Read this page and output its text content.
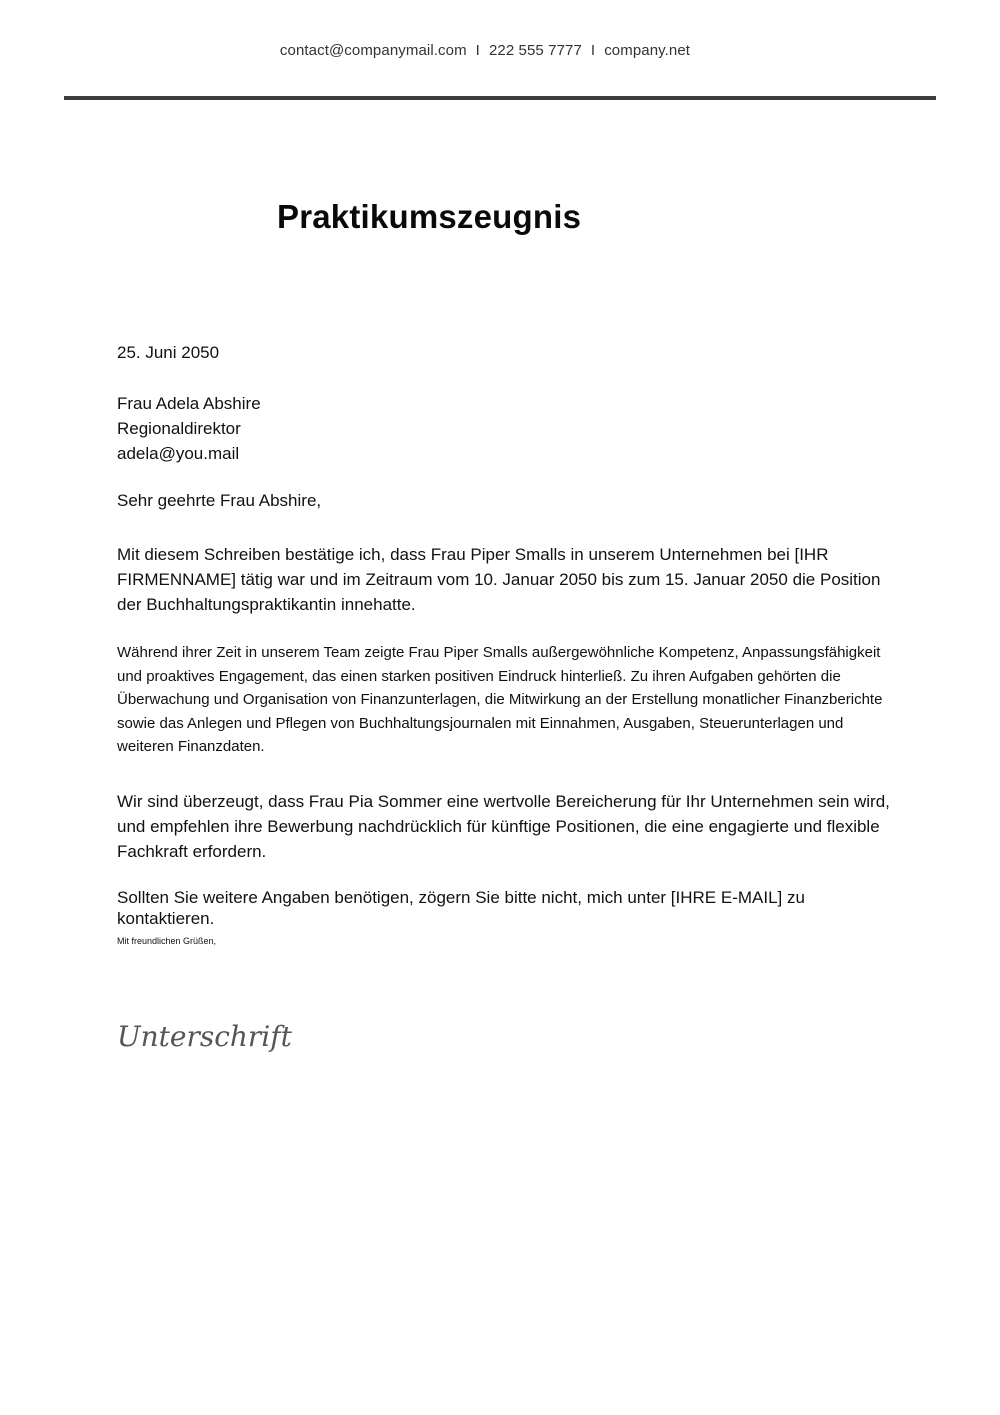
contact@companymail.com I 222 555 7777 I company.net
Praktikumszeugnis
25. Juni 2050
Frau Adela Abshire
Regionaldirektor
adela@you.mail
Sehr geehrte Frau Abshire,

Mit diesem Schreiben bestätige ich, dass Frau Piper Smalls in unserem Unternehmen bei [IHR FIRMENNAME] tätig war und im Zeitraum vom 10. Januar 2050 bis zum 15. Januar 2050 die Position der Buchhaltungspraktikantin innehatte.

Während ihrer Zeit in unserem Team zeigte Frau Piper Smalls außergewöhnliche Kompetenz, Anpassungsfähigkeit und proaktives Engagement, das einen starken positiven Eindruck hinterließ. Zu ihren Aufgaben gehörten die Überwachung und Organisation von Finanzunterlagen, die Mitwirkung an der Erstellung monatlicher Finanzberichte sowie das Anlegen und Pflegen von Buchhaltungsjournalen mit Einnahmen, Ausgaben, Steuerunterlagen und weiteren Finanzdaten.

Wir sind überzeugt, dass Frau Pia Sommer eine wertvolle Bereicherung für Ihr Unternehmen sein wird, und empfehlen ihre Bewerbung nachdrücklich für künftige Positionen, die eine engagierte und flexible Fachkraft erfordern.

Sollten Sie weitere Angaben benötigen, zögern Sie bitte nicht, mich unter [IHRE E-MAIL] zu kontaktieren.

Mit freundlichen Grüßen,
Unterschrift
